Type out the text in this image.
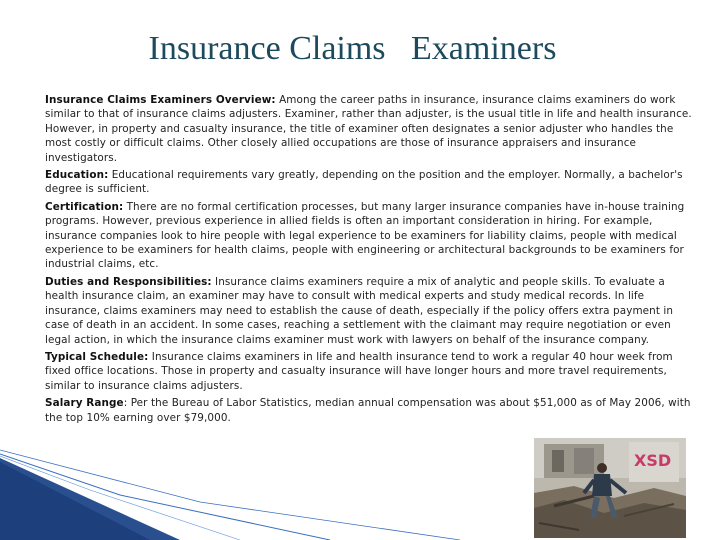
Insurance Claims   Examiners

Insurance Claims Examiners Overview: Among the career paths in insurance, insurance claims examiners do work similar to that of insurance claims adjusters. Examiner, rather than adjuster, is the usual title in life and health insurance. However, in property and casualty insurance, the title of examiner often designates a senior adjuster who handles the most costly or difficult claims. Other closely allied occupations are those of insurance appraisers and insurance investigators.

Education: Educational requirements vary greatly, depending on the position and the employer. Normally, a bachelor's degree is sufficient.

Certification: There are no formal certification processes, but many larger insurance companies have in-house training programs. However, previous experience in allied fields is often an important consideration in hiring. For example, insurance companies look to hire people with legal experience to be examiners for liability claims, people with medical experience to be examiners for health claims, people with engineering or architectural backgrounds to be examiners for industrial claims, etc.

Duties and Responsibilities: Insurance claims examiners require a mix of analytic and people skills. To evaluate a health insurance claim, an examiner may have to consult with medical experts and study medical records. In life insurance, claims examiners may need to establish the cause of death, especially if the policy offers extra payment in case of death in an accident. In some cases, reaching a settlement with the claimant may require negotiation or even legal action, in which the insurance claims examiner must work with lawyers on behalf of the insurance company.

Typical Schedule: Insurance claims examiners in life and health insurance tend to work a regular 40 hour week from fixed office locations. Those in property and casualty insurance will have longer hours and more travel requirements, similar to insurance claims adjusters.

Salary Range: Per the Bureau of Labor Statistics, median annual compensation was about $51,000 as of May 2006, with the top 10% earning over $79,000.

XSD
